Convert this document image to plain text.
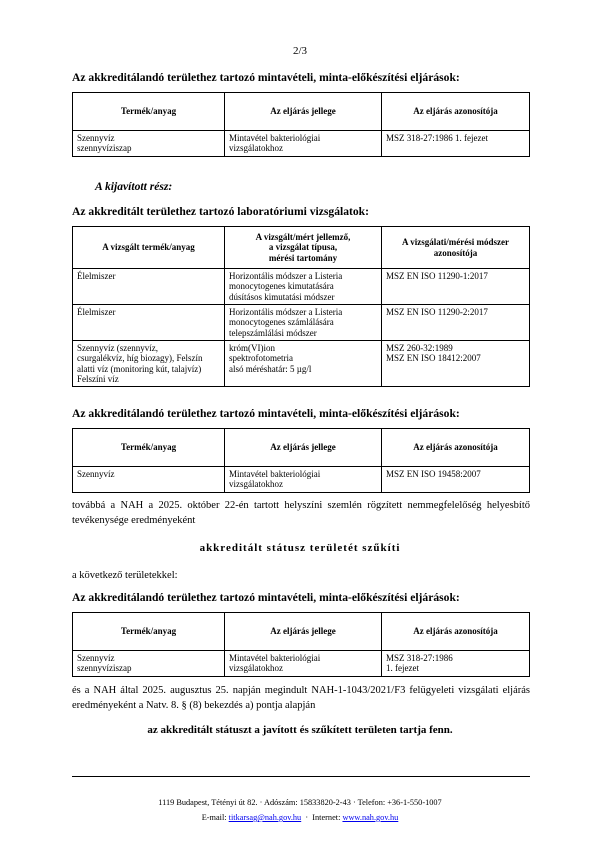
2/3
Az akkreditálandó területhez tartozó mintavételi, minta-előkészítési eljárások:
Termék/anyag	Az eljárás jellege	Az eljárás azonosítója
Szennyvíz
szennyvíziszap	Mintavétel bakteriológiai
vizsgálatokhoz	MSZ 318-27:1986 1. fejezet
A kijavított rész:
Az akkreditált területhez tartozó laboratóriumi vizsgálatok:
A vizsgált termék/anyag	A vizsgált/mért jellemző,
a vizsgálat típusa,
mérési tartomány	A vizsgálati/mérési módszer
azonosítója
Élelmiszer	Horizontális módszer a Listeria
monocytogenes kimutatására
dúsításos kimutatási módszer	MSZ EN ISO 11290-1:2017
Élelmiszer	Horizontális módszer a Listeria
monocytogenes számlálására
telepszámlálási módszer	MSZ EN ISO 11290-2:2017
Szennyvíz (szennyvíz,
csurgalékvíz, híg biozagy), Felszín
alatti víz (monitoring kút, talajvíz)
Felszíni víz	króm(VI)ion
spektrofotometria
alsó méréshatár: 5 µg/l	MSZ 260-32:1989
MSZ EN ISO 18412:2007
Az akkreditálandó területhez tartozó mintavételi, minta-előkészítési eljárások:
Termék/anyag	Az eljárás jellege	Az eljárás azonosítója
Szennyvíz	Mintavétel bakteriológiai
vizsgálatokhoz	MSZ EN ISO 19458:2007
továbbá a NAH a 2025. október 22-én tartott helyszíni szemlén rögzített nemmegfelelőség helyesbítő tevékenysége eredményeként
akkreditált státusz területét szűkíti
a következő területekkel:
Az akkreditálandó területhez tartozó mintavételi, minta-előkészítési eljárások:
Termék/anyag	Az eljárás jellege	Az eljárás azonosítója
Szennyvíz
szennyvíziszap	Mintavétel bakteriológiai
vizsgálatokhoz	MSZ 318-27:1986
1. fejezet
és a NAH által 2025. augusztus 25. napján megindult NAH-1-1043/2021/F3 felügyeleti vizsgálati eljárás eredményeként a Natv. 8. § (8) bekezdés a) pontja alapján
az akkreditált státuszt a javított és szűkített területen tartja fenn.
1119 Budapest, Tétényi út 82. · Adószám: 15833820-2-43 · Telefon: +36-1-550-1007
E-mail: titkarsag@nah.gov.hu  ·  Internet: www.nah.gov.hu
